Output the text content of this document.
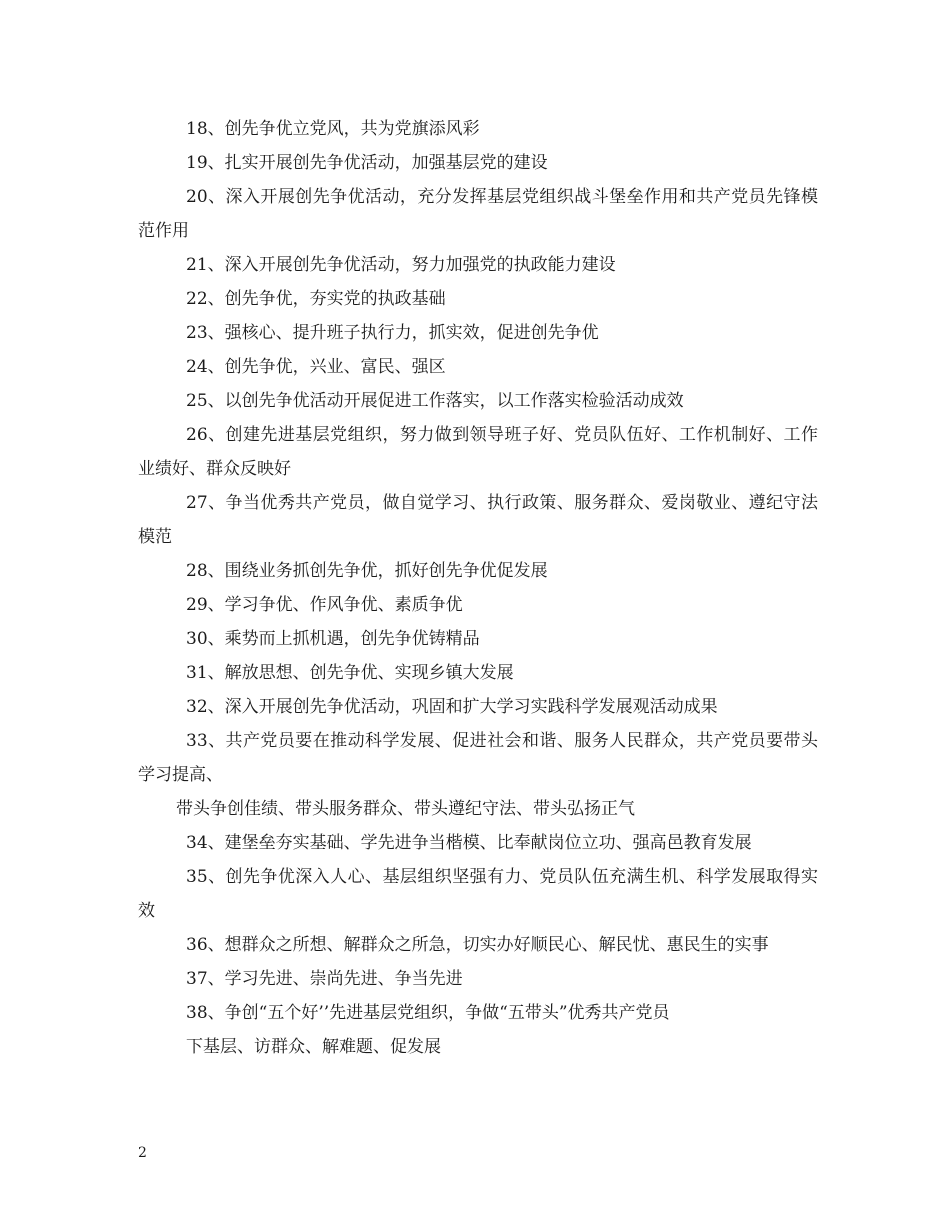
18、创先争优立党风，共为党旗添风彩

19、扎实开展创先争优活动，加强基层党的建设

20、深入开展创先争优活动，充分发挥基层党组织战斗堡垒作用和共产党员先锋模范作用

21、深入开展创先争优活动，努力加强党的执政能力建设

22、创先争优，夯实党的执政基础

23、强核心、提升班子执行力，抓实效，促进创先争优

24、创先争优，兴业、富民、强区

25、以创先争优活动开展促进工作落实，以工作落实检验活动成效

26、创建先进基层党组织，努力做到领导班子好、党员队伍好、工作机制好、工作业绩好、群众反映好

27、争当优秀共产党员，做自觉学习、执行政策、服务群众、爱岗敬业、遵纪守法模范

28、围绕业务抓创先争优，抓好创先争优促发展

29、学习争优、作风争优、素质争优

30、乘势而上抓机遇，创先争优铸精品

31、解放思想、创先争优、实现乡镇大发展

32、深入开展创先争优活动，巩固和扩大学习实践科学发展观活动成果

33、共产党员要在推动科学发展、促进社会和谐、服务人民群众，共产党员要带头学习提高、

带头争创佳绩、带头服务群众、带头遵纪守法、带头弘扬正气

34、建堡垒夯实基础、学先进争当楷模、比奉献岗位立功、强高邑教育发展

35、创先争优深入人心、基层组织坚强有力、党员队伍充满生机、科学发展取得实效

36、想群众之所想、解群众之所急，切实办好顺民心、解民忧、惠民生的实事

37、学习先进、崇尚先进、争当先进

38、争创“五个好’’先进基层党组织，争做“五带头”优秀共产党员

下基层、访群众、解难题、促发展

2
